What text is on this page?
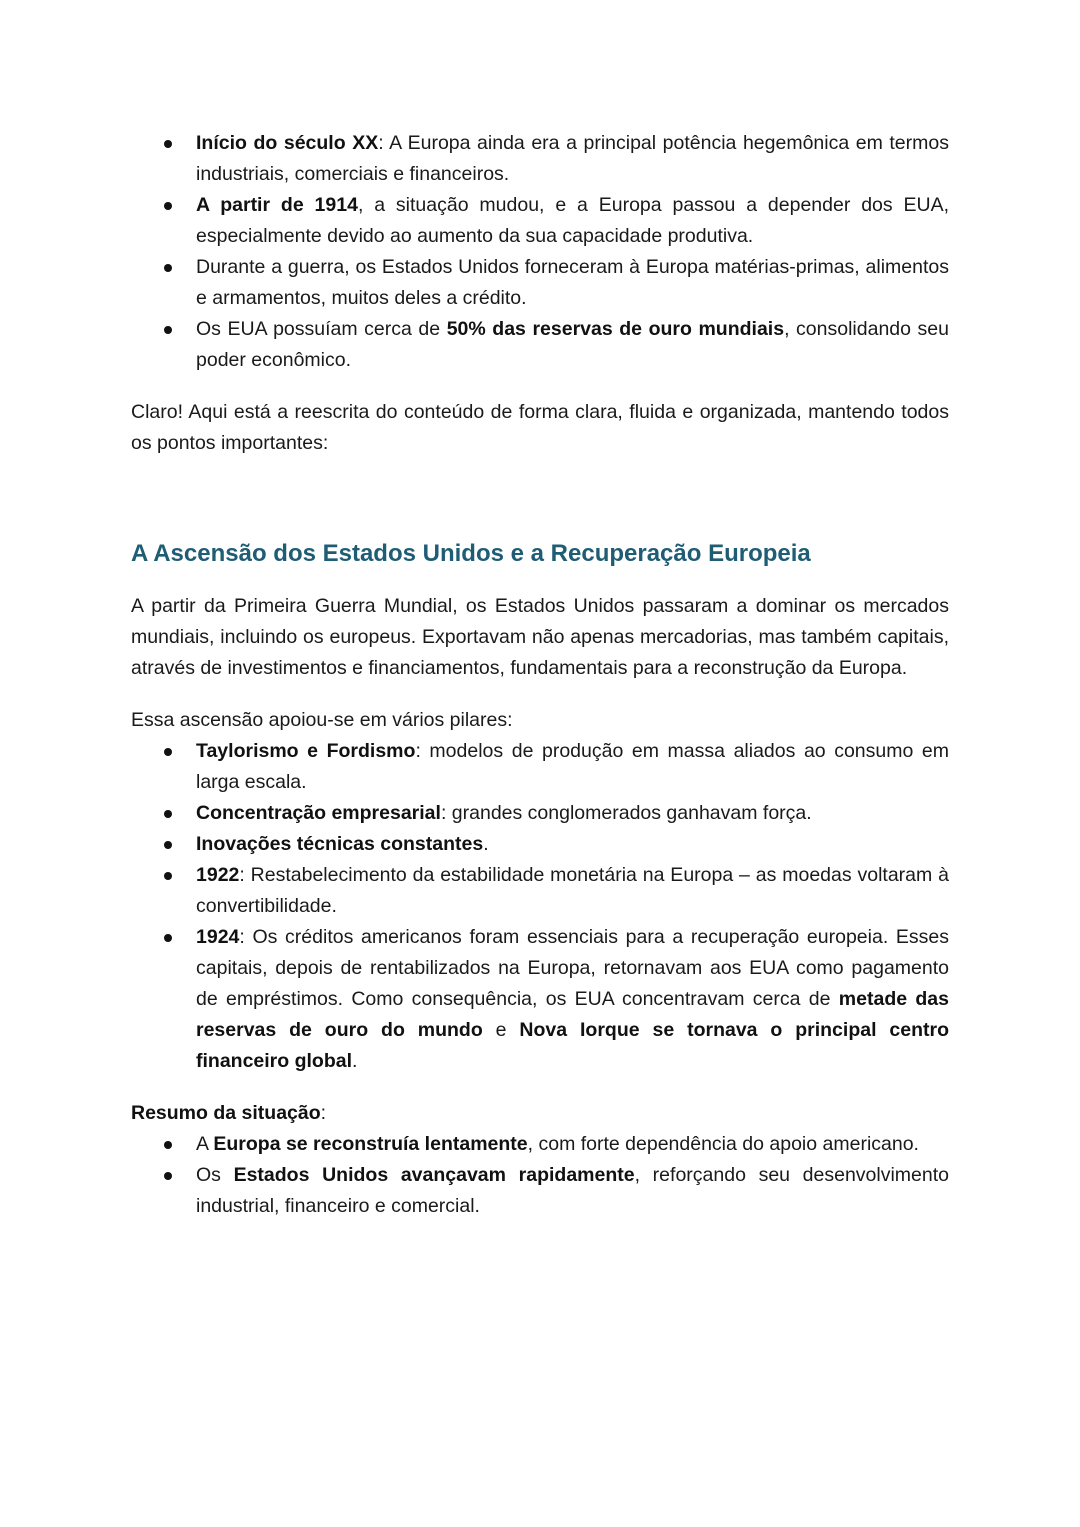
Início do século XX: A Europa ainda era a principal potência hegemônica em termos industriais, comerciais e financeiros.
A partir de 1914, a situação mudou, e a Europa passou a depender dos EUA, especialmente devido ao aumento da sua capacidade produtiva.
Durante a guerra, os Estados Unidos forneceram à Europa matérias-primas, alimentos e armamentos, muitos deles a crédito.
Os EUA possuíam cerca de 50% das reservas de ouro mundiais, consolidando seu poder econômico.

Claro! Aqui está a reescrita do conteúdo de forma clara, fluida e organizada, mantendo todos os pontos importantes:

A Ascensão dos Estados Unidos e a Recuperação Europeia

A partir da Primeira Guerra Mundial, os Estados Unidos passaram a dominar os mercados mundiais, incluindo os europeus. Exportavam não apenas mercadorias, mas também capitais, através de investimentos e financiamentos, fundamentais para a reconstrução da Europa.

Essa ascensão apoiou-se em vários pilares:

Taylorismo e Fordismo: modelos de produção em massa aliados ao consumo em larga escala.
Concentração empresarial: grandes conglomerados ganhavam força.
Inovações técnicas constantes.
1922: Restabelecimento da estabilidade monetária na Europa – as moedas voltaram à convertibilidade.
1924: Os créditos americanos foram essenciais para a recuperação europeia. Esses capitais, depois de rentabilizados na Europa, retornavam aos EUA como pagamento de empréstimos. Como consequência, os EUA concentravam cerca de metade das reservas de ouro do mundo e Nova Iorque se tornava o principal centro financeiro global.

Resumo da situação:

A Europa se reconstruía lentamente, com forte dependência do apoio americano.
Os Estados Unidos avançavam rapidamente, reforçando seu desenvolvimento industrial, financeiro e comercial.
